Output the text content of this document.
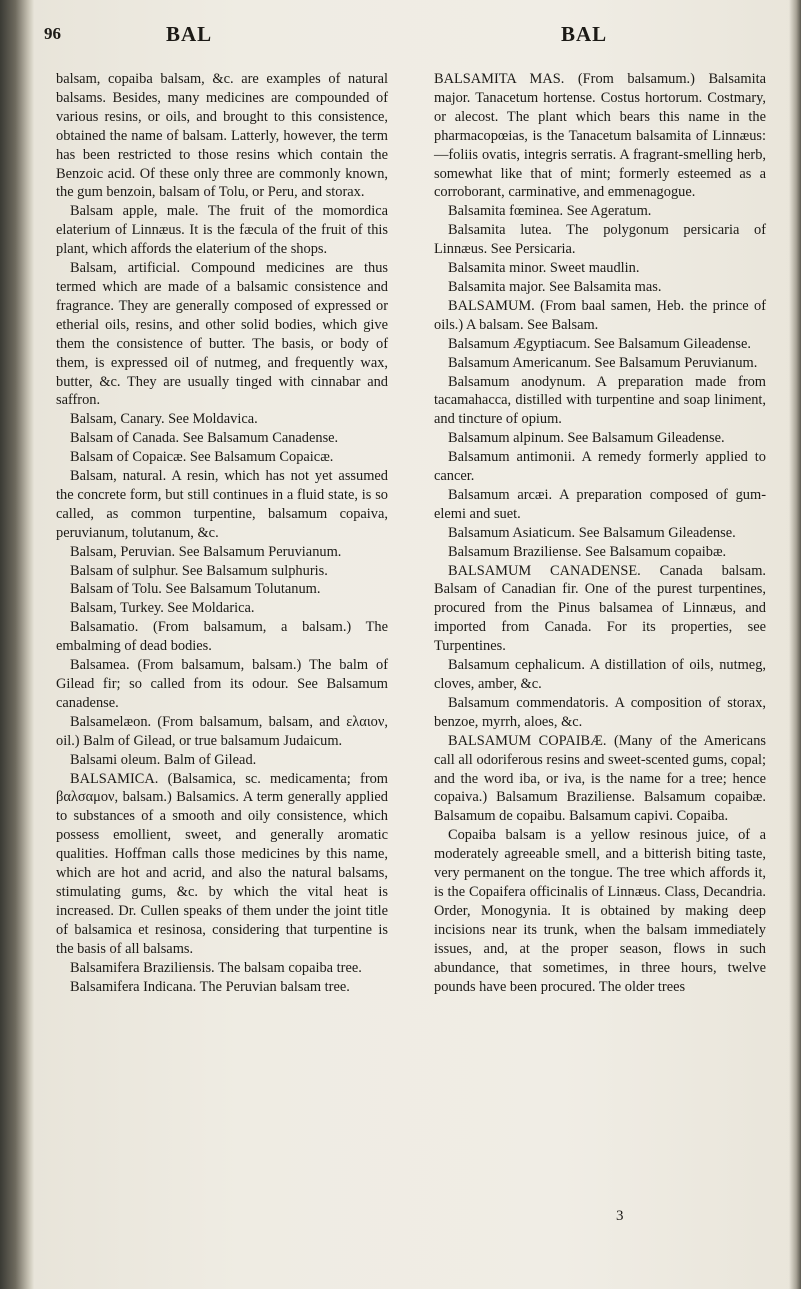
96	BAL	BAL

balsam, copaiba balsam, &c. are examples of natural balsams. Besides, many medicines are compounded of various resins, or oils, and brought to this consistence, obtained the name of balsam. Latterly, however, the term has been restricted to those resins which contain the Benzoic acid. Of these only three are commonly known, the gum benzoin, balsam of Tolu, or Peru, and storax.

Balsam apple, male. The fruit of the momordica elaterium of Linnæus. It is the fæcula of the fruit of this plant, which affords the elaterium of the shops.

Balsam, artificial. Compound medicines are thus termed which are made of a balsamic consistence and fragrance. They are generally composed of expressed or etherial oils, resins, and other solid bodies, which give them the consistence of butter. The basis, or body of them, is expressed oil of nutmeg, and frequently wax, butter, &c. They are usually tinged with cinnabar and saffron.

Balsam, Canary. See Moldavica.

Balsam of Canada. See Balsamum Canadense.

Balsam of Copaicæ. See Balsamum Copaicæ.

Balsam, natural. A resin, which has not yet assumed the concrete form, but still continues in a fluid state, is so called, as common turpentine, balsamum copaiva, peruvianum, tolutanum, &c.

Balsam, Peruvian. See Balsamum Peruvianum.

Balsam of sulphur. See Balsamum sulphuris.

Balsam of Tolu. See Balsamum Tolutanum.

Balsam, Turkey. See Moldarica.

Balsamatio. (From balsamum, a balsam.) The embalming of dead bodies.

Balsamea. (From balsamum, balsam.) The balm of Gilead fir; so called from its odour. See Balsamum canadense.

Balsamelæon. (From balsamum, balsam, and ελαιον, oil.) Balm of Gilead, or true balsamum Judaicum.

Balsami oleum. Balm of Gilead.

BALSAMICA. (Balsamica, sc. medicamenta; from βαλσαμον, balsam.) Balsamics. A term generally applied to substances of a smooth and oily consistence, which possess emollient, sweet, and generally aromatic qualities. Hoffman calls those medicines by this name, which are hot and acrid, and also the natural balsams, stimulating gums, &c. by which the vital heat is increased. Dr. Cullen speaks of them under the joint title of balsamica et resinosa, considering that turpentine is the basis of all balsams.

Balsamifera Braziliensis. The balsam copaiba tree.

Balsamifera Indicana. The Peruvian balsam tree.

BALSAMITA MAS. (From balsamum.) Balsamita major. Tanacetum hortense. Costus hortorum. Costmary, or alecost. The plant which bears this name in the pharmacopœias, is the Tanacetum balsamita of Linnæus:—foliis ovatis, integris serratis. A fragrant-smelling herb, somewhat like that of mint; formerly esteemed as a corroborant, carminative, and emmenagogue.

Balsamita fœminea. See Ageratum.

Balsamita lutea. The polygonum persicaria of Linnæus. See Persicaria.

Balsamita minor. Sweet maudlin.

Balsamita major. See Balsamita mas.

BALSAMUM. (From baal samen, Heb. the prince of oils.) A balsam. See Balsam.

Balsamum Ægyptiacum. See Balsamum Gileadense.

Balsamum Americanum. See Balsamum Peruvianum.

Balsamum anodynum. A preparation made from tacamahacca, distilled with turpentine and soap liniment, and tincture of opium.

Balsamum alpinum. See Balsamum Gileadense.

Balsamum antimonii. A remedy formerly applied to cancer.

Balsamum arcæi. A preparation composed of gum-elemi and suet.

Balsamum Asiaticum. See Balsamum Gileadense.

Balsamum Braziliense. See Balsamum copaibæ.

BALSAMUM CANADENSE. Canada balsam. Balsam of Canadian fir. One of the purest turpentines, procured from the Pinus balsamea of Linnæus, and imported from Canada. For its properties, see Turpentines.

Balsamum cephalicum. A distillation of oils, nutmeg, cloves, amber, &c.

Balsamum commendatoris. A composition of storax, benzoe, myrrh, aloes, &c.

BALSAMUM COPAIBÆ. (Many of the Americans call all odoriferous resins and sweet-scented gums, copal; and the word iba, or iva, is the name for a tree; hence copaiva.) Balsamum Braziliense. Balsamum copaibæ. Balsamum de copaibu. Balsamum capivi. Copaiba.

Copaiba balsam is a yellow resinous juice, of a moderately agreeable smell, and a bitterish biting taste, very permanent on the tongue. The tree which affords it, is the Copaifera officinalis of Linnæus. Class, Decandria. Order, Monogynia. It is obtained by making deep incisions near its trunk, when the balsam immediately issues, and, at the proper season, flows in such abundance, that sometimes, in three hours, twelve pounds have been procured. The older trees

3
